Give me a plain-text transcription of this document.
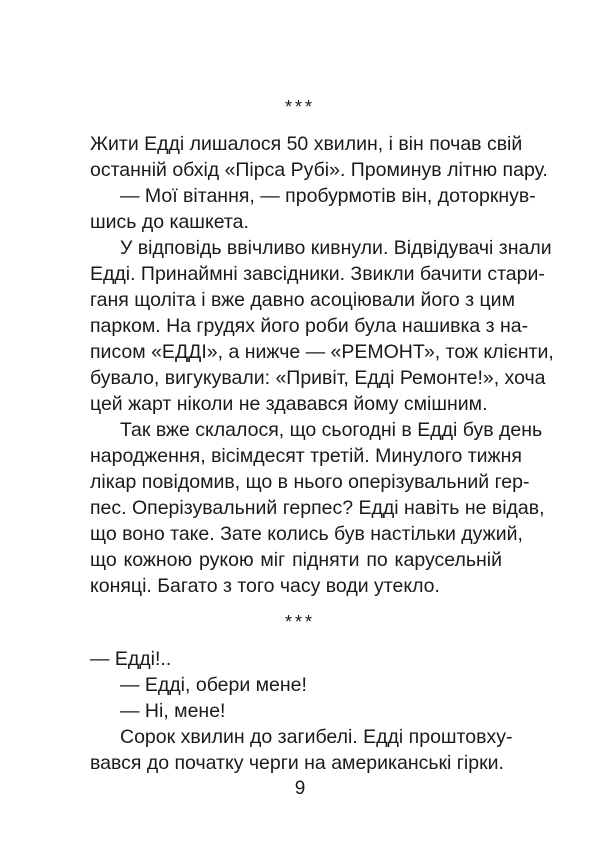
***
Жити Едді лишалося 50 хвилин, і він почав свій
останній обхід «Пірса Рубі». Проминув літню пару.
— Мої вітання, — пробурмотів він, доторкнув-
шись до кашкета.
У відповідь ввічливо кивнули. Відвідувачі знали
Едді. Принаймні завсідники. Звикли бачити стари-
ганя щоліта і вже давно асоціювали його з цим
парком. На грудях його роби була нашивка з на-
писом «ЕДДІ», а нижче — «РЕМОНТ», тож клієнти,
бувало, вигукували: «Привіт, Едді Ремонте!», хоча
цей жарт ніколи не здавався йому смішним.
Так вже склалося, що сьогодні в Едді був день
народження, вісімдесят третій. Минулого тижня
лікар повідомив, що в нього оперізувальний гер-
пес. Оперізувальний герпес? Едді навіть не відав,
що воно таке. Зате колись був настільки дужий,
що кожною рукою міг підняти по карусельній
коняці. Багато з того часу води утекло.
***
— Едді!..
— Едді, обери мене!
— Ні, мене!
Сорок хвилин до загибелі. Едді проштовху-
вався до початку черги на американські гірки.
9
